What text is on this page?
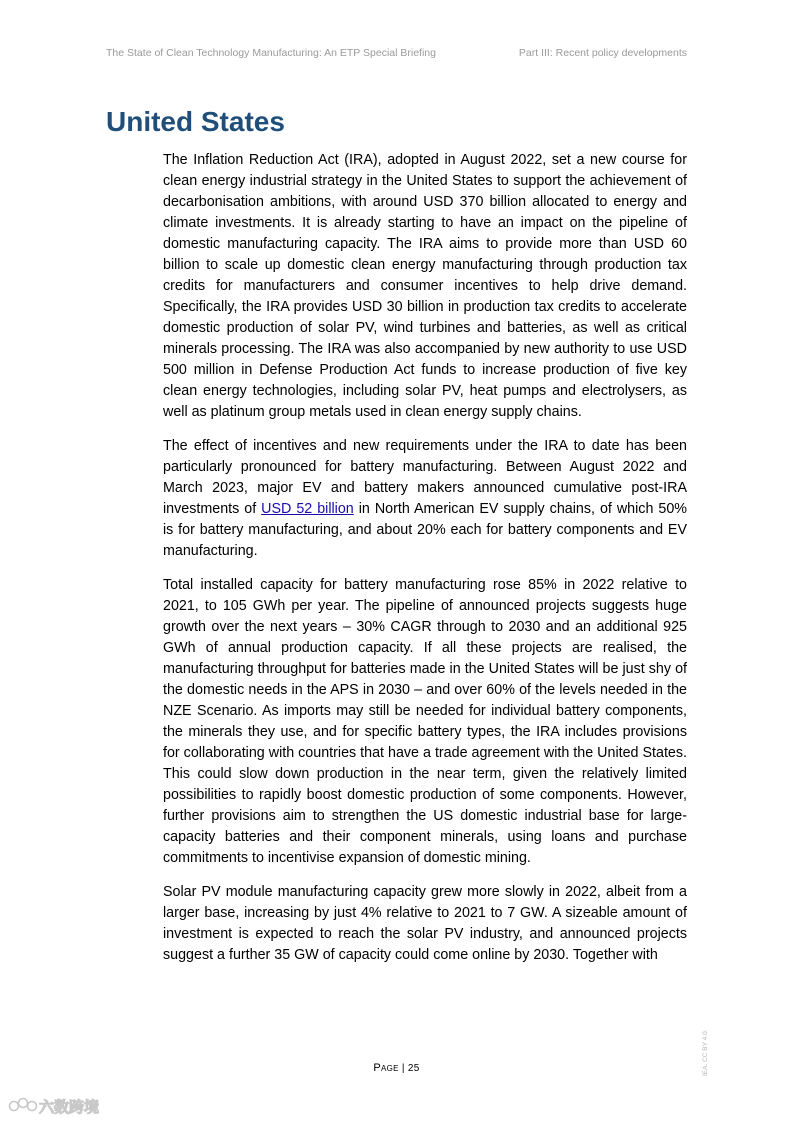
The State of Clean Technology Manufacturing: An ETP Special Briefing	Part III: Recent policy developments
United States

The Inflation Reduction Act (IRA), adopted in August 2022, set a new course for clean energy industrial strategy in the United States to support the achievement of decarbonisation ambitions, with around USD 370 billion allocated to energy and climate investments. It is already starting to have an impact on the pipeline of domestic manufacturing capacity. The IRA aims to provide more than USD 60 billion to scale up domestic clean energy manufacturing through production tax credits for manufacturers and consumer incentives to help drive demand. Specifically, the IRA provides USD 30 billion in production tax credits to accelerate domestic production of solar PV, wind turbines and batteries, as well as critical minerals processing. The IRA was also accompanied by new authority to use USD 500 million in Defense Production Act funds to increase production of five key clean energy technologies, including solar PV, heat pumps and electrolysers, as well as platinum group metals used in clean energy supply chains.

The effect of incentives and new requirements under the IRA to date has been particularly pronounced for battery manufacturing. Between August 2022 and March 2023, major EV and battery makers announced cumulative post-IRA investments of USD 52 billion in North American EV supply chains, of which 50% is for battery manufacturing, and about 20% each for battery components and EV manufacturing.

Total installed capacity for battery manufacturing rose 85% in 2022 relative to 2021, to 105 GWh per year. The pipeline of announced projects suggests huge growth over the next years – 30% CAGR through to 2030 and an additional 925 GWh of annual production capacity. If all these projects are realised, the manufacturing throughput for batteries made in the United States will be just shy of the domestic needs in the APS in 2030 – and over 60% of the levels needed in the NZE Scenario. As imports may still be needed for individual battery components, the minerals they use, and for specific battery types, the IRA includes provisions for collaborating with countries that have a trade agreement with the United States. This could slow down production in the near term, given the relatively limited possibilities to rapidly boost domestic production of some components. However, further provisions aim to strengthen the US domestic industrial base for large-capacity batteries and their component minerals, using loans and purchase commitments to incentivise expansion of domestic mining.

Solar PV module manufacturing capacity grew more slowly in 2022, albeit from a larger base, increasing by just 4% relative to 2021 to 7 GW. A sizeable amount of investment is expected to reach the solar PV industry, and announced projects suggest a further 35 GW of capacity could come online by 2030. Together with

Page | 25	IEA. CC BY 4.0.
六数跨境
